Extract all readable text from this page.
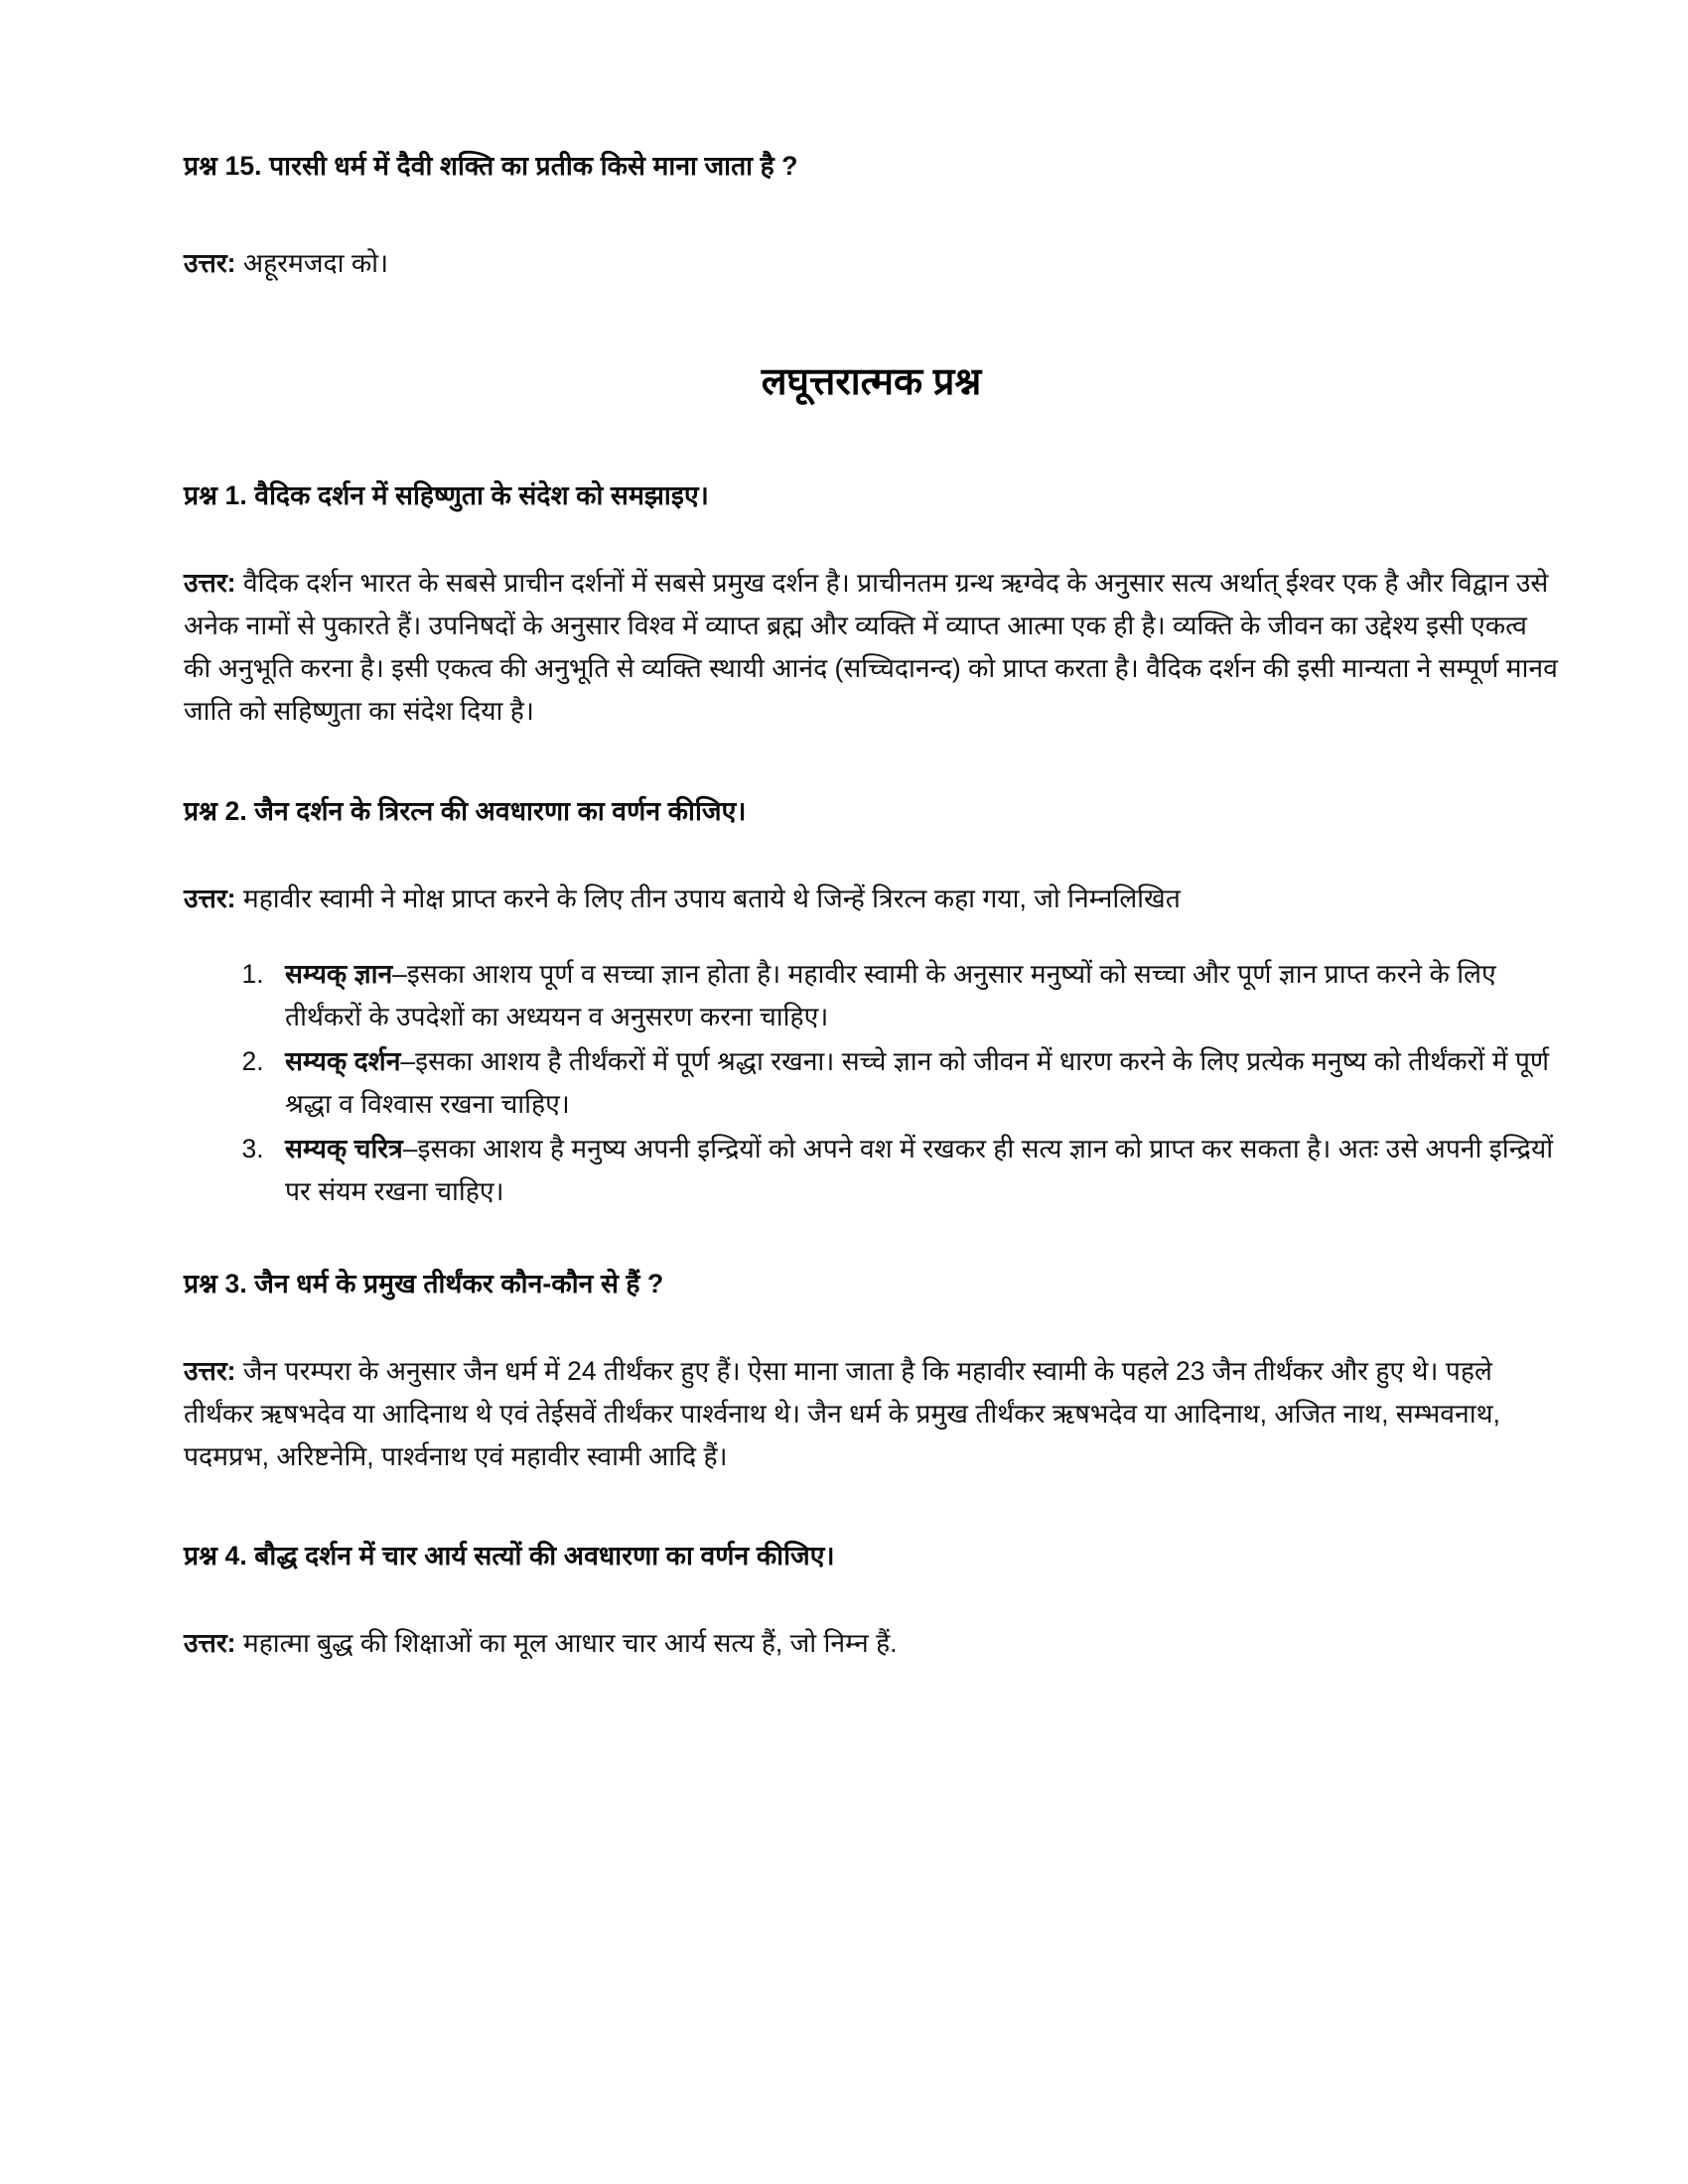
प्रश्न 15. पारसी धर्म में दैवी शक्ति का प्रतीक किसे माना जाता है ?

उत्तर: अहूरमजदा को।

लघूत्तरात्मक प्रश्न
प्रश्न 1. वैदिक दर्शन में सहिष्णुता के संदेश को समझाइए।

उत्तर: वैदिक दर्शन भारत के सबसे प्राचीन दर्शनों में सबसे प्रमुख दर्शन है। प्राचीनतम ग्रन्थ ऋग्वेद के अनुसार सत्य अर्थात् ईश्वर एक है और विद्वान उसे अनेक नामों से पुकारते हैं। उपनिषदों के अनुसार विश्व में व्याप्त ब्रह्म और व्यक्ति में व्याप्त आत्मा एक ही है। व्यक्ति के जीवन का उद्देश्य इसी एकत्व की अनुभूति करना है। इसी एकत्व की अनुभूति से व्यक्ति स्थायी आनंद (सच्चिदानन्द) को प्राप्त करता है। वैदिक दर्शन की इसी मान्यता ने सम्पूर्ण मानव जाति को सहिष्णुता का संदेश दिया है।

प्रश्न 2. जैन दर्शन के त्रिरत्न की अवधारणा का वर्णन कीजिए।

उत्तर: महावीर स्वामी ने मोक्ष प्राप्त करने के लिए तीन उपाय बताये थे जिन्हें त्रिरत्न कहा गया, जो निम्नलिखित

1. सम्यक् ज्ञान–इसका आशय पूर्ण व सच्चा ज्ञान होता है। महावीर स्वामी के अनुसार मनुष्यों को सच्चा और पूर्ण ज्ञान प्राप्त करने के लिए तीर्थंकरों के उपदेशों का अध्ययन व अनुसरण करना चाहिए।
2. सम्यक् दर्शन–इसका आशय है तीर्थंकरों में पूर्ण श्रद्धा रखना। सच्चे ज्ञान को जीवन में धारण करने के लिए प्रत्येक मनुष्य को तीर्थंकरों में पूर्ण श्रद्धा व विश्वास रखना चाहिए।
3. सम्यक् चरित्र–इसका आशय है मनुष्य अपनी इन्द्रियों को अपने वश में रखकर ही सत्य ज्ञान को प्राप्त कर सकता है। अतः उसे अपनी इन्द्रियों पर संयम रखना चाहिए।
प्रश्न 3. जैन धर्म के प्रमुख तीर्थंकर कौन-कौन से हैं ?

उत्तर: जैन परम्परा के अनुसार जैन धर्म में 24 तीर्थंकर हुए हैं। ऐसा माना जाता है कि महावीर स्वामी के पहले 23 जैन तीर्थंकर और हुए थे। पहले तीर्थंकर ऋषभदेव या आदिनाथ थे एवं तेईसवें तीर्थंकर पार्श्वनाथ थे। जैन धर्म के प्रमुख तीर्थंकर ऋषभदेव या आदिनाथ, अजित नाथ, सम्भवनाथ, पदमप्रभ, अरिष्टनेमि, पार्श्वनाथ एवं महावीर स्वामी आदि हैं।

प्रश्न 4. बौद्ध दर्शन में चार आर्य सत्यों की अवधारणा का वर्णन कीजिए।

उत्तर: महात्मा बुद्ध की शिक्षाओं का मूल आधार चार आर्य सत्य हैं, जो निम्न हैं.
